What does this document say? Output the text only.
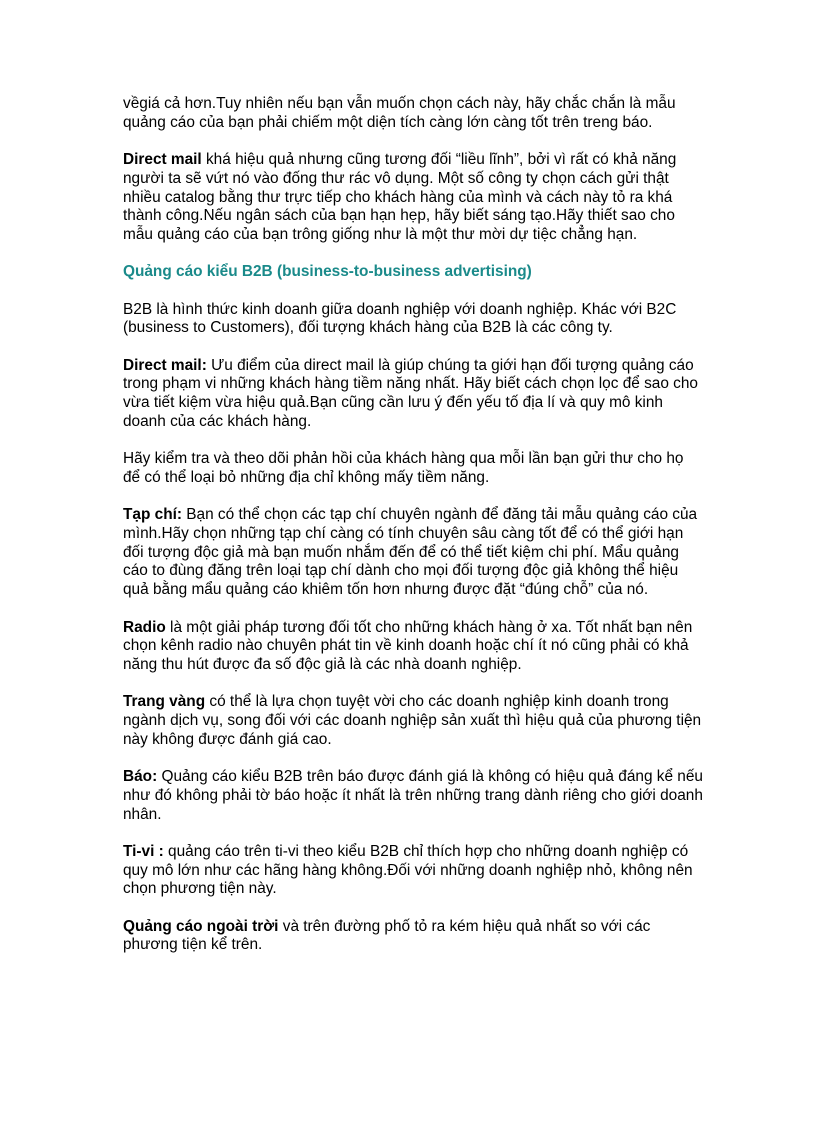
vềgiá cả hơn.Tuy nhiên nếu bạn vẫn muốn chọn cách này, hãy chắc chắn là mẫu quảng cáo của bạn phải chiếm một diện tích càng lớn càng tốt trên treng báo.

Direct mail khá hiệu quả nhưng cũng tương đối “liều lĩnh”, bởi vì rất có khả năng người ta sẽ vứt nó vào đống thư rác vô dụng. Một số công ty chọn cách gửi thật nhiều catalog bằng thư trực tiếp cho khách hàng của mình và cách này tỏ ra khá thành công.Nếu ngân sách của bạn hạn hẹp, hãy biết sáng tạo.Hãy thiết sao cho mẫu quảng cáo của bạn trông giống như là một thư mời dự tiệc chẳng hạn.

Quảng cáo kiểu B2B (business-to-business advertising)

B2B là hình thức kinh doanh giữa doanh nghiệp với doanh nghiệp. Khác với B2C (business to Customers), đối tượng khách hàng của B2B là các công ty.

Direct mail: Ưu điểm của direct mail là giúp chúng ta giới hạn đối tượng quảng cáo trong phạm vi những khách hàng tiềm năng nhất. Hãy biết cách chọn lọc để sao cho vừa tiết kiệm vừa hiệu quả.Bạn cũng cần lưu ý đến yếu tố địa lí và quy mô kinh doanh của các khách hàng.

Hãy kiểm tra và theo dõi phản hồi của khách hàng qua mỗi lần bạn gửi thư cho họ để có thể loại bỏ những địa chỉ không mấy tiềm năng.

Tạp chí: Bạn có thể chọn các tạp chí chuyên ngành để đăng tải mẫu quảng cáo của mình.Hãy chọn những tạp chí càng có tính chuyên sâu càng tốt để có thể giới hạn đối tượng độc giả mà bạn muốn nhắm đến để có thể tiết kiệm chi phí. Mẩu quảng cáo to đùng đăng trên loại tạp chí dành cho mọi đối tượng độc giả không thể hiệu quả bằng mẩu quảng cáo khiêm tốn hơn nhưng được đặt “đúng chỗ” của nó.

Radio là một giải pháp tương đối tốt cho những khách hàng ở xa. Tốt nhất bạn nên chọn kênh radio nào chuyên phát tin về kinh doanh hoặc chí ít nó cũng phải có khả năng thu hút được đa số độc giả là các nhà doanh nghiệp.

Trang vàng có thể là lựa chọn tuyệt vời cho các doanh nghiệp kinh doanh trong ngành dịch vụ, song đối với các doanh nghiệp sản xuất thì hiệu quả của phương tiện này không được đánh giá cao.

Báo: Quảng cáo kiểu B2B trên báo được đánh giá là không có hiệu quả đáng kể nếu như đó không phải tờ báo hoặc ít nhất là trên những trang dành riêng cho giới doanh nhân.

Ti-vi : quảng cáo trên ti-vi theo kiểu B2B chỉ thích hợp cho những doanh nghiệp có quy mô lớn như các hãng hàng không.Đối với những doanh nghiệp nhỏ, không nên chọn phương tiện này.

Quảng cáo ngoài trời và trên đường phố tỏ ra kém hiệu quả nhất so với các phương tiện kể trên.
